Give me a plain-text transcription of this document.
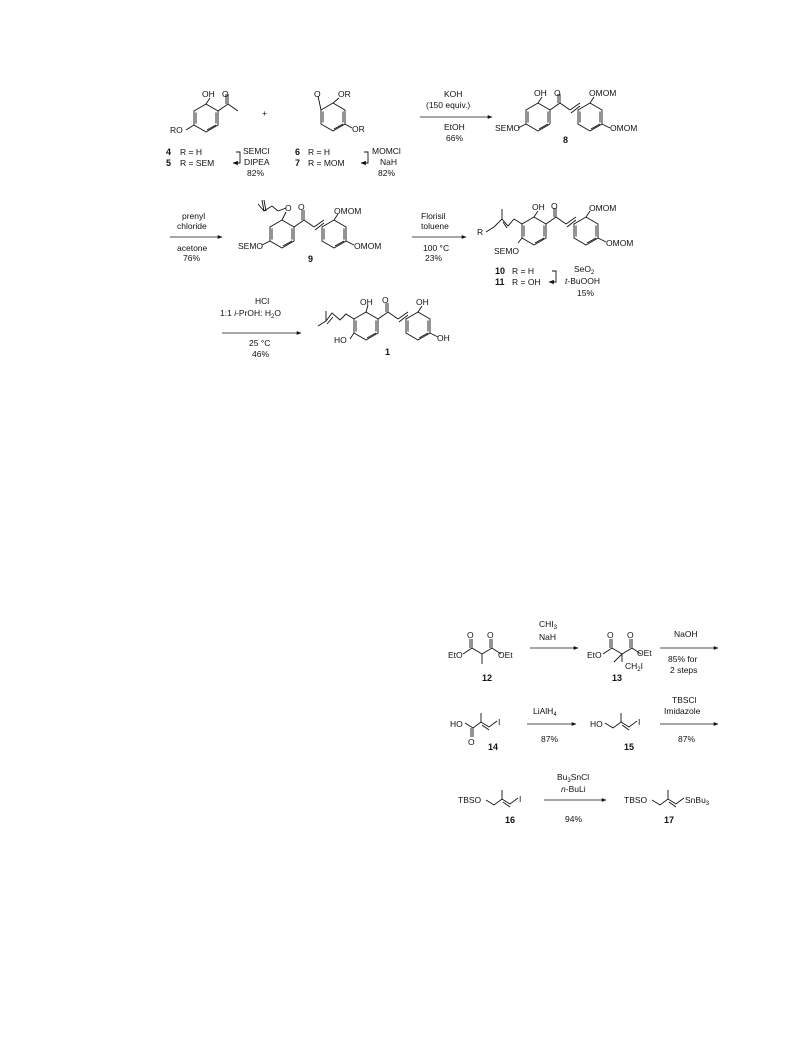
OH O
RO
+
O OR
OR
4 R = H
5 R = SEM
SEMCl
DIPEA
82%
6 R = H
7 R = MOM
MOMCl
NaH
82%
KOH
(150 equiv.)
EtOH
66%
OH O	OMOM
OMOM
SEMO
8
prenyl
chloride
acetone
76%
O O	OMOM
OMOM
SEMO
9
Florisil
toluene
100 °C
23%
R
OH O	OMOM
OMOM
SEMO
10 R = H
11 R = OH
SeO$_2$
t-BuOOH
15%
HCl
1:1 i-PrOH: $H_2O$
25 °C
46%
OH O	OH
OH
HO
1
O O
EtO	OEt
12
$CHI_3$
NaH	O O
EtO	OEt
$CH_2I$
13
NaOH
85% for
2 steps
HO
O
I
14
LiAlH$_4$
87%
HO	I
15
TBSCl
Imidazole
87%
TBSO	I
16
$Bu_3SnCl$
n-BuLi
94%
TBSO	SnBu$_3$
17
